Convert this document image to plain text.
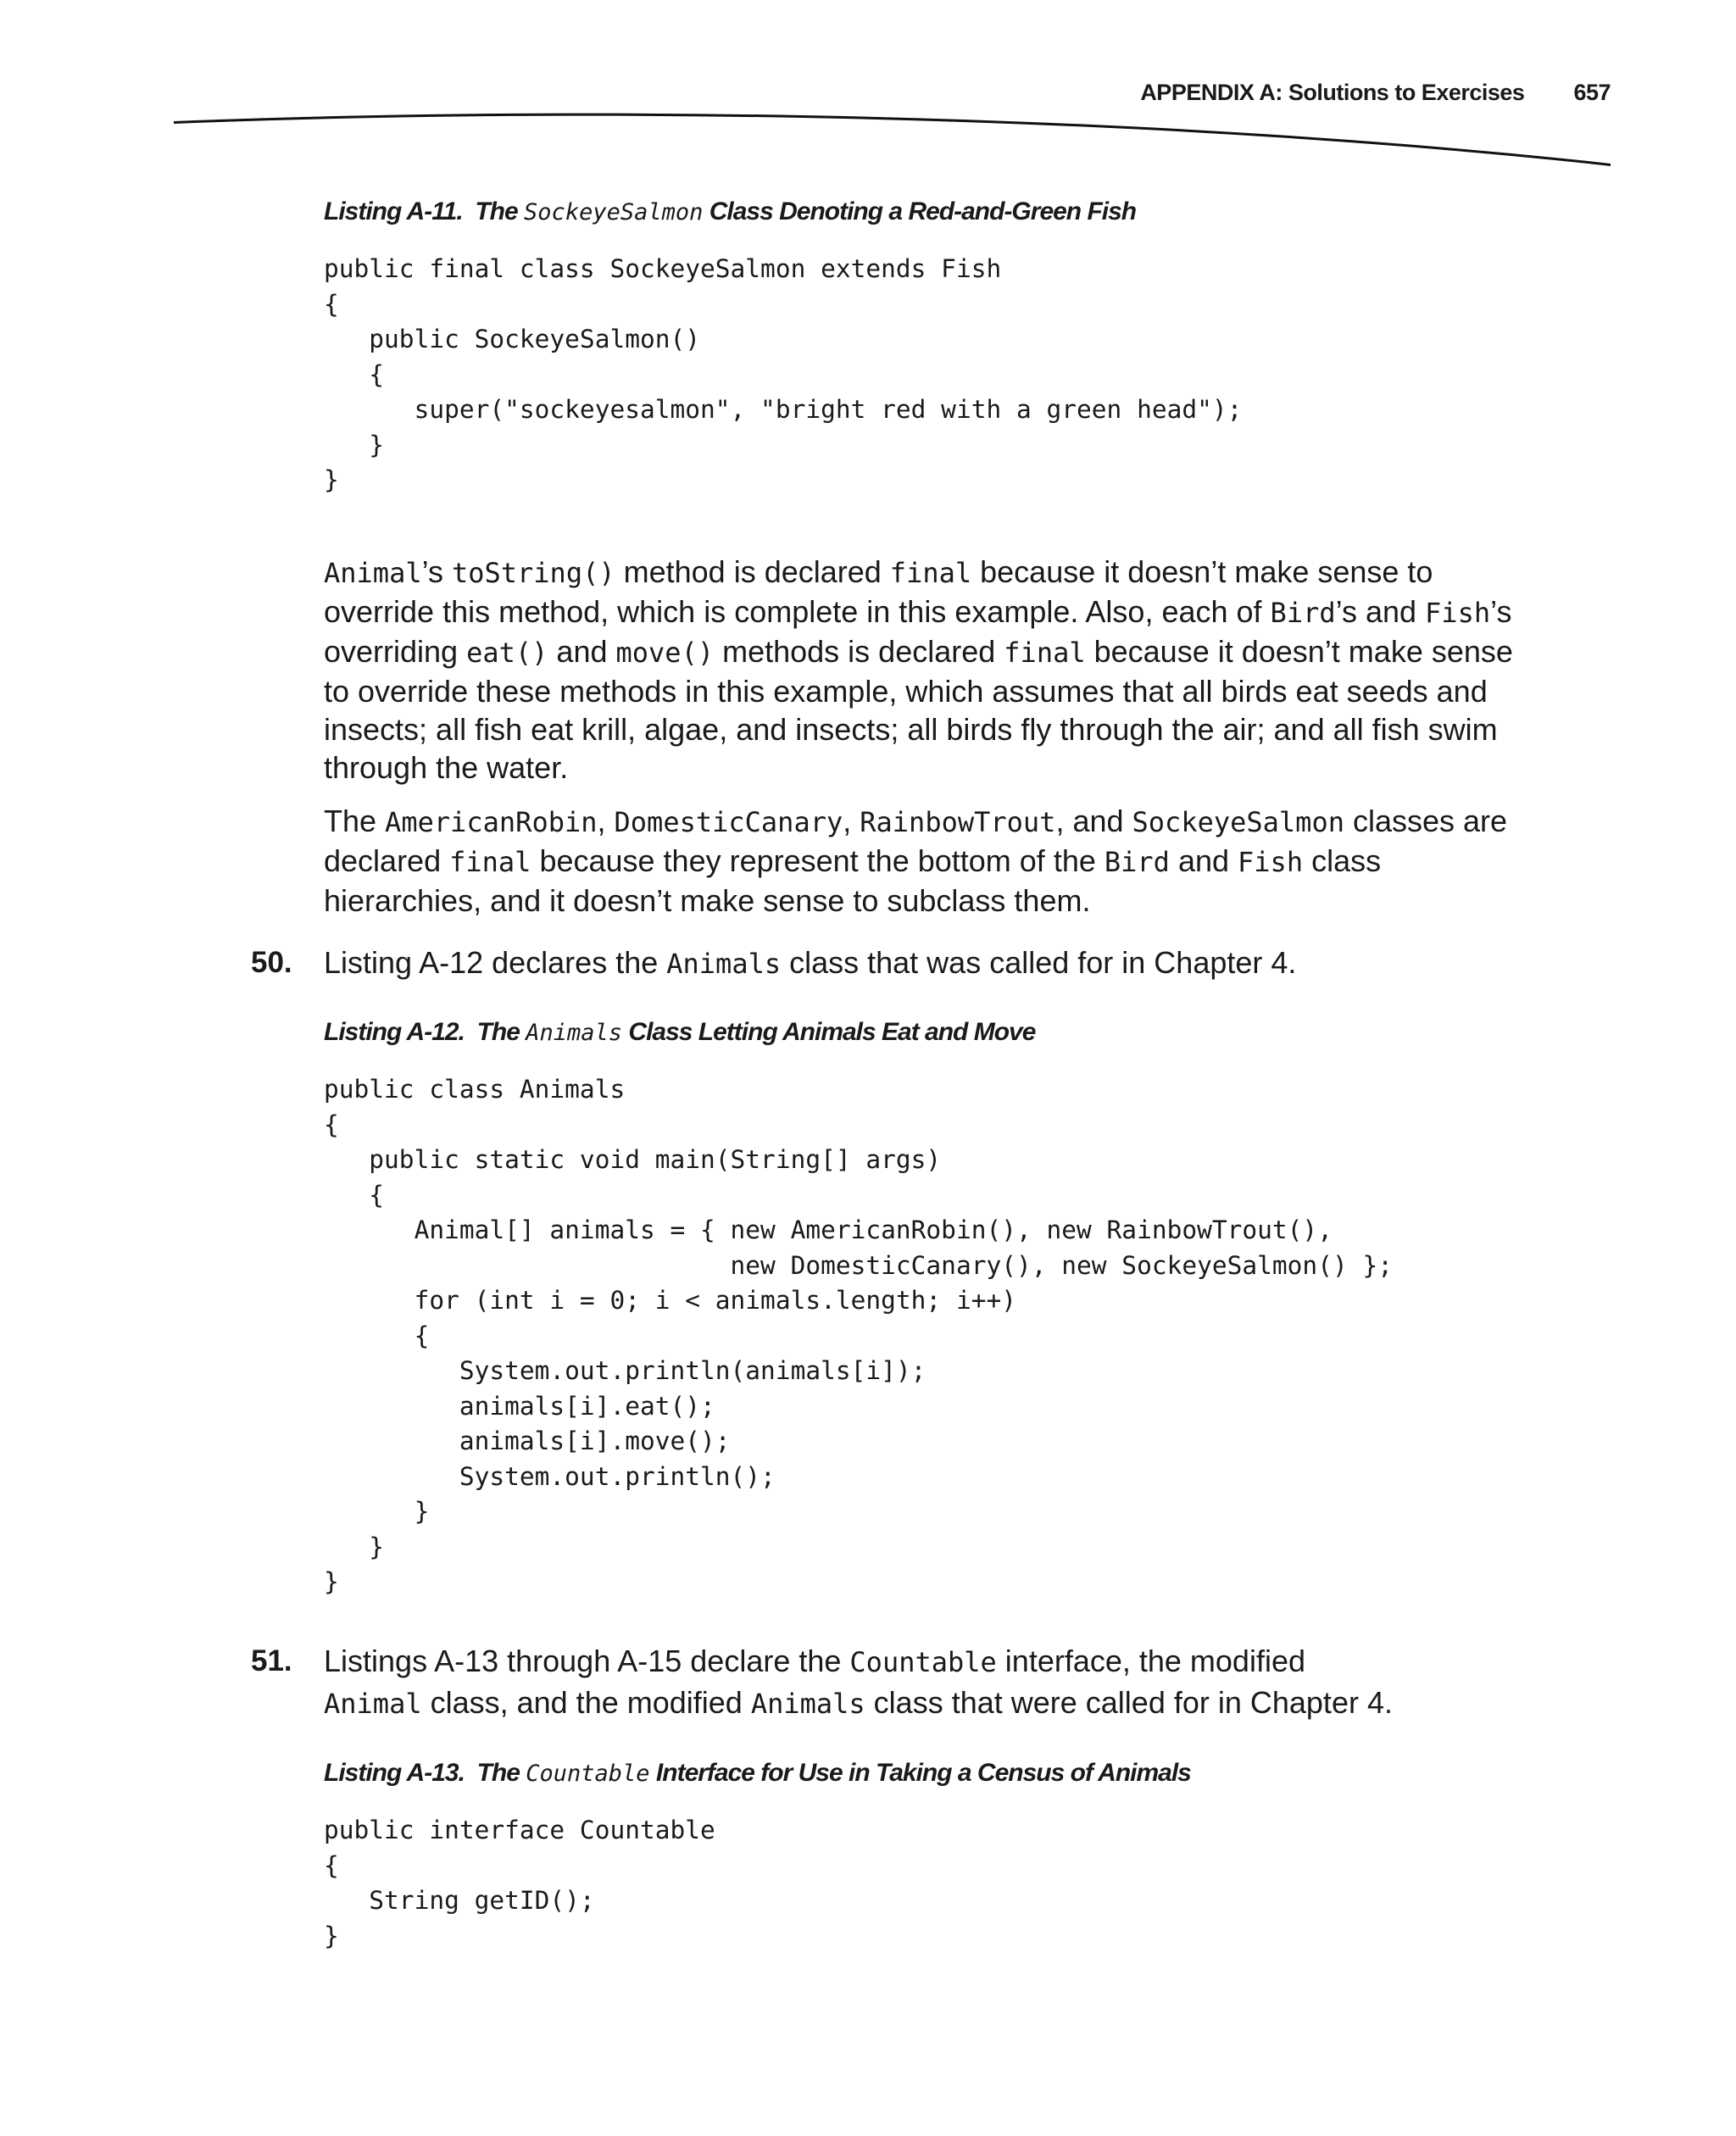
APPENDIX A: Solutions to Exercises 657

Listing A-11. The SockeyeSalmon Class Denoting a Red-and-Green Fish

public final class SockeyeSalmon extends Fish
{
public SockeyeSalmon()
{
super("sockeyesalmon", "bright red with a green head");
}
}

Animal’s toString() method is declared final because it doesn’t make sense to override this method, which is complete in this example. Also, each of Bird’s and Fish’s overriding eat() and move() methods is declared final because it doesn’t make sense to override these methods in this example, which assumes that all birds eat seeds and insects; all fish eat krill, algae, and insects; all birds fly through the air; and all fish swim through the water.

The AmericanRobin, DomesticCanary, RainbowTrout, and SockeyeSalmon classes are declared final because they represent the bottom of the Bird and Fish class hierarchies, and it doesn’t make sense to subclass them.

50. Listing A-12 declares the Animals class that was called for in Chapter 4.

Listing A-12. The Animals Class Letting Animals Eat and Move

public class Animals
{
public static void main(String[] args)
{
Animal[] animals = { new AmericanRobin(), new RainbowTrout(),
new DomesticCanary(), new SockeyeSalmon() };
for (int i = 0; i < animals.length; i++)
{
System.out.println(animals[i]);
animals[i].eat();
animals[i].move();
System.out.println();
}
}
}
51. Listings A-13 through A-15 declare the Countable interface, the modified
Animal class, and the modified Animals class that were called for in Chapter 4.

Listing A-13. The Countable Interface for Use in Taking a Census of Animals

public interface Countable
{
String getID();
}
